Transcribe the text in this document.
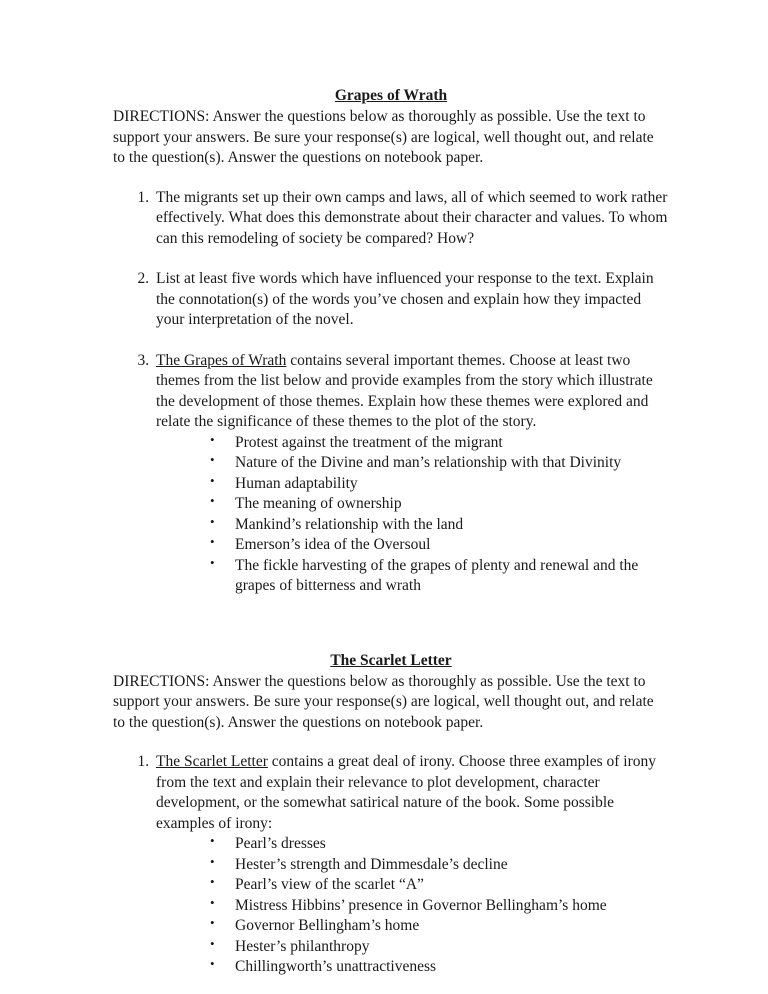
Grapes of Wrath

DIRECTIONS: Answer the questions below as thoroughly as possible. Use the text to support your answers. Be sure your response(s) are logical, well thought out, and relate to the question(s). Answer the questions on notebook paper.

1. The migrants set up their own camps and laws, all of which seemed to work rather effectively. What does this demonstrate about their character and values. To whom can this remodeling of society be compared? How?
2. List at least five words which have influenced your response to the text. Explain the connotation(s) of the words you’ve chosen and explain how they impacted your interpretation of the novel.
3. The Grapes of Wrath contains several important themes. Choose at least two themes from the list below and provide examples from the story which illustrate the development of those themes. Explain how these themes were explored and relate the significance of these themes to the plot of the story.
• Protest against the treatment of the migrant
• Nature of the Divine and man’s relationship with that Divinity
• Human adaptability
• The meaning of ownership
• Mankind’s relationship with the land
• Emerson’s idea of the Oversoul
• The fickle harvesting of the grapes of plenty and renewal and the grapes of bitterness and wrath

The Scarlet Letter

DIRECTIONS: Answer the questions below as thoroughly as possible. Use the text to support your answers. Be sure your response(s) are logical, well thought out, and relate to the question(s). Answer the questions on notebook paper.

1. The Scarlet Letter contains a great deal of irony. Choose three examples of irony from the text and explain their relevance to plot development, character development, or the somewhat satirical nature of the book. Some possible examples of irony:
• Pearl’s dresses
• Hester’s strength and Dimmesdale’s decline
• Pearl’s view of the scarlet “A”
• Mistress Hibbins’ presence in Governor Bellingham’s home
• Governor Bellingham’s home
• Hester’s philanthropy
• Chillingworth’s unattractiveness
